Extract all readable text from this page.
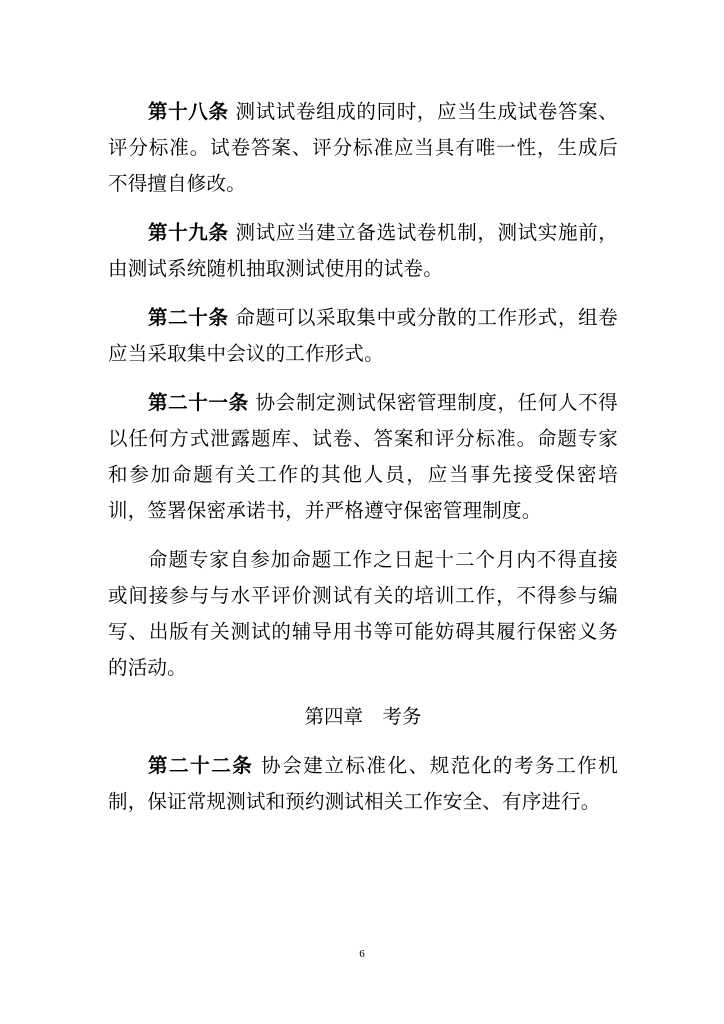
第十八条 测试试卷组成的同时，应当生成试卷答案、评分标准。试卷答案、评分标准应当具有唯一性，生成后不得擅自修改。

第十九条 测试应当建立备选试卷机制，测试实施前，由测试系统随机抽取测试使用的试卷。

第二十条 命题可以采取集中或分散的工作形式，组卷应当采取集中会议的工作形式。

第二十一条 协会制定测试保密管理制度，任何人不得以任何方式泄露题库、试卷、答案和评分标准。命题专家和参加命题有关工作的其他人员，应当事先接受保密培训，签署保密承诺书，并严格遵守保密管理制度。

命题专家自参加命题工作之日起十二个月内不得直接或间接参与与水平评价测试有关的培训工作，不得参与编写、出版有关测试的辅导用书等可能妨碍其履行保密义务的活动。

第四章　考务

第二十二条 协会建立标准化、规范化的考务工作机制，保证常规测试和预约测试相关工作安全、有序进行。

6
